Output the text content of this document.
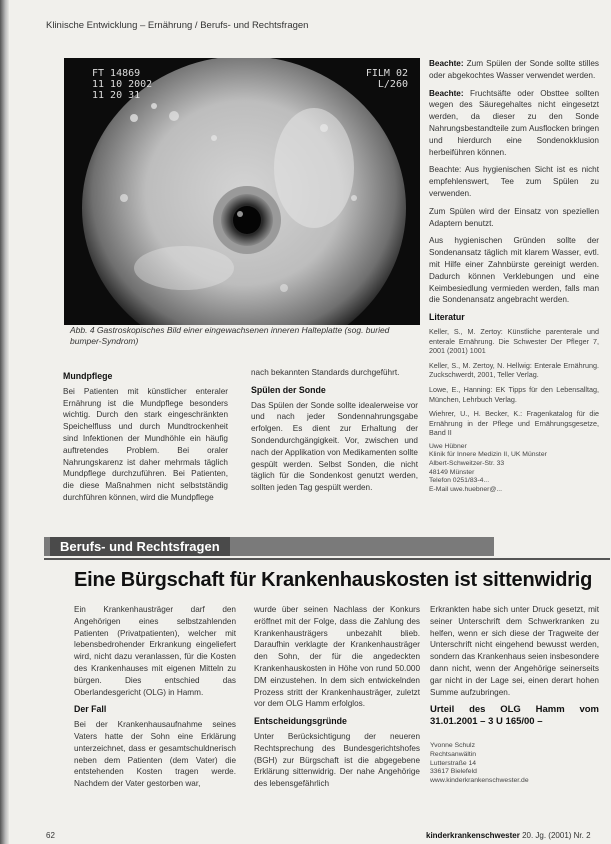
Klinische Entwicklung – Ernährung / Berufs- und Rechtsfragen
FT 14869
11 10 2002
11 20 31
FILM 02
L/260
Abb. 4 Gastroskopisches Bild einer eingewachsenen inneren Halteplatte (sog. buried bumper-Syndrom)
Mundpflege

Bei Patienten mit künstlicher enteraler Ernährung ist die Mundpflege besonders wichtig. Durch den stark eingeschränkten Speichelfluss und durch Mundtrockenheit sind Infektionen der Mundhöhle ein häufig auftretendes Problem. Bei oraler Nahrungskarenz ist daher mehrmals täglich Mundpflege durchzuführen. Bei Patienten, die diese Maßnahmen nicht selbstständig durchführen können, wird die Mundpflege

nach bekannten Standards durchgeführt.

Spülen der Sonde

Das Spülen der Sonde sollte idealerweise vor und nach jeder Sondennahrungsgabe erfolgen. Es dient zur Erhaltung der Sondendurchgängigkeit. Vor, zwischen und nach der Applikation von Medikamenten sollte gespült werden. Selbst Sonden, die nicht täglich für die Sondenkost genutzt werden, sollten jeden Tag gespült werden.

Beachte: Zum Spülen der Sonde sollte stilles oder abgekochtes Wasser verwendet werden.

Beachte: Fruchtsäfte oder Obsttee sollten wegen des Säuregehaltes nicht eingesetzt werden, da dieser zu den Sonde Nahrungsbestandteile zum Ausflocken bringen und hierdurch eine Sondenokklusion herbeiführen können.

Beachte: Aus hygienischen Sicht ist es nicht empfehlenswert, Tee zum Spülen zu verwenden.

Zum Spülen wird der Einsatz von speziellen Adaptern benutzt.

Aus hygienischen Gründen sollte der Sondenansatz täglich mit klarem Wasser, evtl. mit Hilfe einer Zahnbürste gereinigt werden. Dadurch können Verklebungen und eine Keimbesiedlung vermieden werden, falls man die Sondenansatz angebracht werden.

Literatur

Keller, S., M. Zertoy: Künstliche parenterale und enterale Ernährung. Die Schwester Der Pfleger 7, 2001 (2001) 1001

Keller, S., M. Zertoy, N. Hellwig: Enterale Ernährung. Zuckschwerdt, 2001, Teller Verlag.

Lowe, E., Hanning: EK Tipps für den Lebensalltag, München, Lehrbuch Verlag.

Wiehrer, U., H. Becker, K.: Fragenkatalog für die Ernährung in der Pflege und Ernährungsgesetze, Band II

Uwe Hübner
Klinik für Innere Medizin II, UK Münster
Albert-Schweitzer-Str. 33
48149 Münster
Telefon 0251/83-4...
E-Mail uwe.huebner@...
Berufs- und Rechtsfragen
Eine Bürgschaft für Krankenhauskosten ist sittenwidrig

Ein Krankenhausträger darf den Angehörigen eines selbstzahlenden Patienten (Privatpatienten), welcher mit lebensbedrohender Erkrankung eingeliefert wird, nicht dazu veranlassen, für die Kosten des Krankenhauses mit eigenen Mitteln zu bürgen. Dies entschied das Oberlandesgericht (OLG) in Hamm.

Der Fall

Bei der Krankenhausaufnahme seines Vaters hatte der Sohn eine Erklärung unterzeichnet, dass er gesamtschuldnerisch neben dem Patienten (dem Vater) die entstehenden Kosten tragen werde. Nachdem der Vater gestorben war,

wurde über seinen Nachlass der Konkurs eröffnet mit der Folge, dass die Zahlung des Krankenhausträgers unbezahlt blieb. Daraufhin verklagte der Krankenhausträger den Sohn, der für die angedeckten Krankenhauskosten in Höhe von rund 50.000 DM einzustehen. In dem sich entwickelnden Prozess stritt der Krankenhausträger, zuletzt vor dem OLG Hamm erfolglos.

Entscheidungsgründe

Unter Berücksichtigung der neueren Rechtsprechung des Bundesgerichtshofes (BGH) zur Bürgschaft ist die abgegebene Erklärung sittenwidrig. Der nahe Angehörige des lebensgefährlich

Erkrankten habe sich unter Druck gesetzt, mit seiner Unterschrift dem Schwerkranken zu helfen, wenn er sich diese der Tragweite der Unterschrift nicht eingehend bewusst werden, sondern das Krankenhaus seien insbesondere dann nicht, wenn der Angehörige seinerseits gar nicht in der Lage sei, einen derart hohen Summe aufzubringen.

Urteil des OLG Hamm vom 31.01.2001 – 3 U 165/00 –
Yvonne Schulz
Rechtsanwältin
Lutterstraße 14
33617 Bielefeld
www.kinderkrankenschwester.de
62	kinderkrankenschwester 20. Jg. (2001) Nr. 2
